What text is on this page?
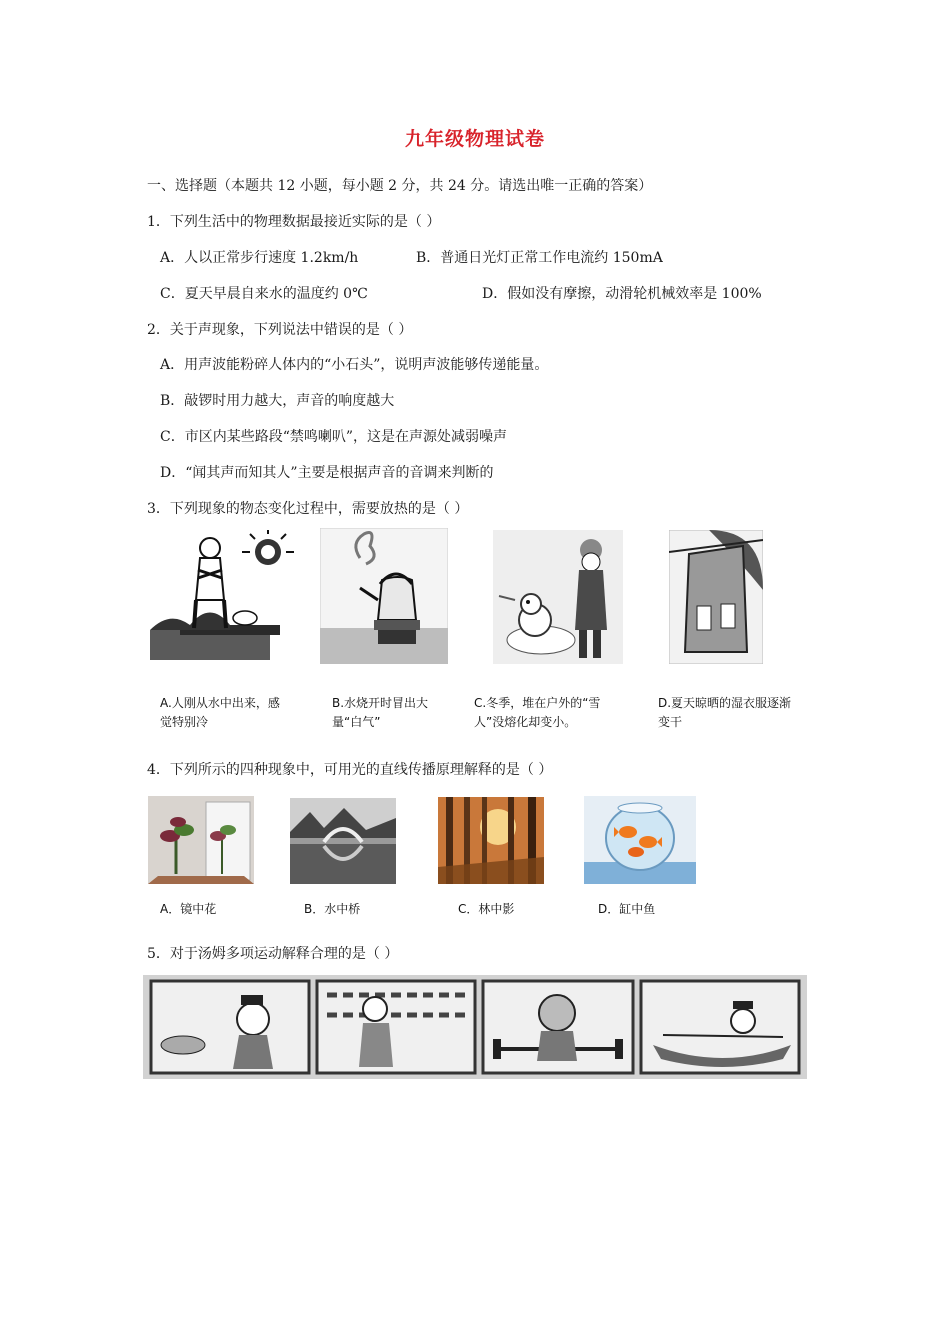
九年级物理试卷
一、选择题（本题共 12 小题，每小题 2 分，共 24 分。请选出唯一正确的答案）
1．下列生活中的物理数据最接近实际的是（ ）
A．人以正常步行速度 1.2km/h	B．普通日光灯正常工作电流约 150mA
C．夏天早晨自来水的温度约 0℃	D．假如没有摩擦，动滑轮机械效率是 100%
2．关于声现象，下列说法中错误的是（ ）
A．用声波能粉碎人体内的“小石头”，说明声波能够传递能量。
B．敲锣时用力越大，声音的响度越大
C．市区内某些路段“禁鸣喇叭”，这是在声源处减弱噪声
D．“闻其声而知其人”主要是根据声音的音调来判断的
3．下列现象的物态变化过程中，需要放热的是（ ）
A.人刚从水中出来，感觉特别冷
B.水烧开时冒出大量“白气”
C.冬季，堆在户外的“雪人”没熔化却变小。
D.夏天晾晒的湿衣服逐渐变干
4．下列所示的四种现象中，可用光的直线传播原理解释的是（ ）
A．镜中花	B．水中桥	C．林中影	D．缸中鱼
5．对于汤姆多项运动解释合理的是（ ）
